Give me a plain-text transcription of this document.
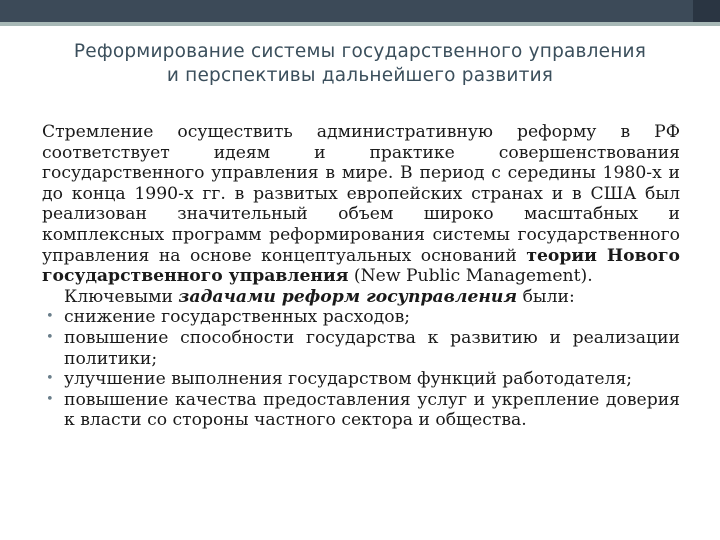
Реформирование системы государственного управления
и перспективы дальнейшего развития
Стремление осуществить административную реформу в РФ соответствует идеям и практике совершенствования государственного управления в мире. В период с середины 1980-х и до конца 1990-х гг. в развитых европейских странах и в США был реализован значительный объем широко масштабных и комплексных программ реформирования системы государственного управления на основе концептуальных оснований теории Нового государственного управления (New Public Management).
Ключевыми задачами реформ госуправления были:
• снижение государственных расходов;
• повышение способности государства к развитию и реализации политики;
• улучшение выполнения государством функций работодателя;
• повышение качества предоставления услуг и укрепление доверия к власти со стороны частного сектора и общества.
